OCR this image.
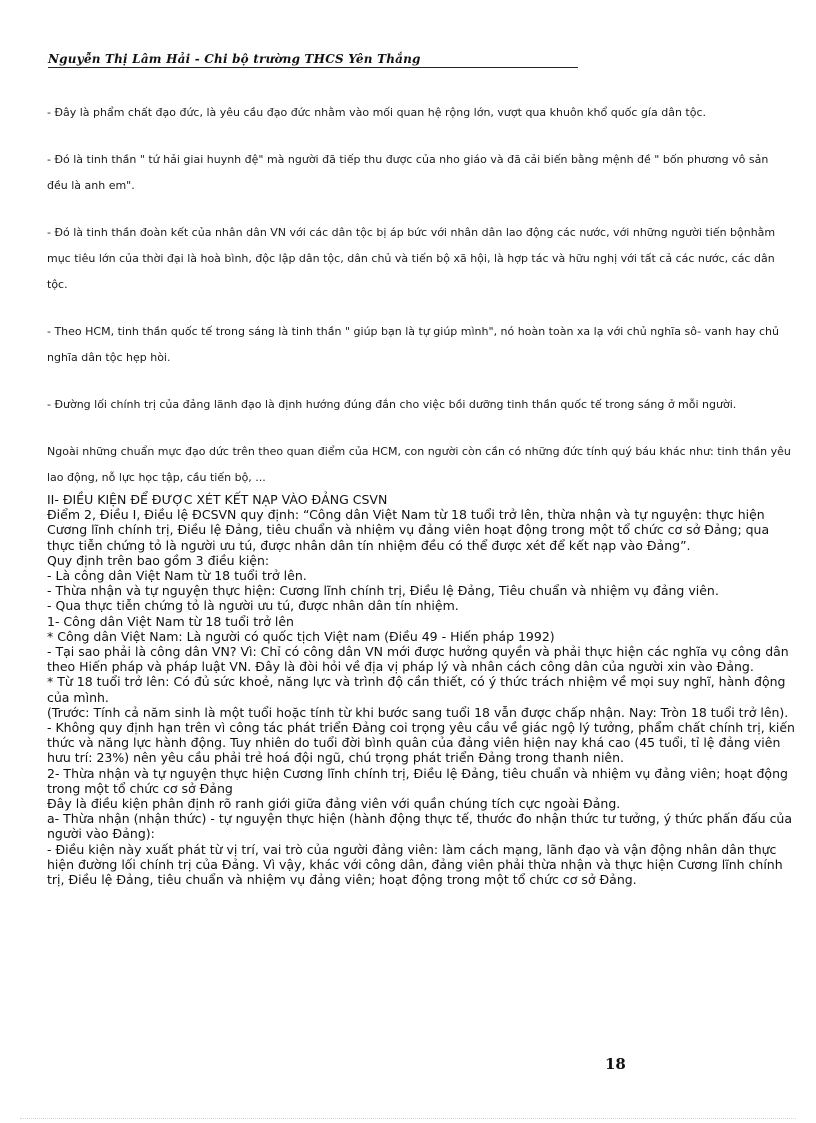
Nguyễn Thị Lâm Hải - Chi bộ trường THCS Yên Thắng

- Đây là phẩm chất đạo đức, là yêu cầu đạo đức nhằm vào mối quan hệ rộng lớn, vượt qua khuôn khổ quốc gía dân tộc.

- Đó là tinh thần " tứ hải giai huynh đệ" mà người đã tiếp thu được của nho giáo và đã cải biến bằng mệnh đề " bốn phương vô sản đều là anh em".

- Đó là tinh thần đoàn kết của nhân dân VN với các dân tộc bị áp bức với nhân dân lao động các nước, với những người tiến bộnhằm mục tiêu lớn của thời đại là hoà bình, độc lập dân tộc, dân chủ và tiến bộ xã hội, là hợp tác và hữu nghị với tất cả các nước, các dân tộc.

- Theo HCM, tinh thần quốc tế trong sáng là tinh thần " giúp bạn là tự giúp mình", nó hoàn toàn xa lạ với chủ nghĩa sô- vanh hay chủ nghĩa dân tộc hẹp hòi.

- Đường lối chính trị của đảng lãnh đạo là định hướng đúng đắn cho việc bồi dưỡng tinh thần quốc tế trong sáng ở mỗi người.

Ngoài những chuẩn mực đạo dức trên theo quan điểm của HCM, con người còn cần có những đức tính quý báu khác như: tinh thần yêu lao động, nỗ lực học tập, cầu tiến bộ, ...

II- ĐIỀU KIỆN ĐỂ ĐƯỢC XÉT KẾT NẠP VÀO ĐẢNG CSVN

Điểm 2, Điều I, Điều lệ ĐCSVN quy định: “Công dân Việt Nam từ 18 tuổi trở lên, thừa nhận và tự nguyện: thực hiện Cương lĩnh chính trị, Điều lệ Đảng, tiêu chuẩn và nhiệm vụ đảng viên hoạt động trong một tổ chức cơ sở Đảng; qua thực tiễn chứng tỏ là người ưu tú, được nhân dân tín nhiệm đều có thể được xét để kết nạp vào Đảng”.

Quy định trên bao gồm 3 điều kiện:

- Là công dân Việt Nam từ 18 tuổi trở lên.

- Thừa nhận và tự nguyện thực hiện: Cương lĩnh chính trị, Điều lệ Đảng, Tiêu chuẩn và nhiệm vụ đảng viên.

- Qua thực tiễn chứng tỏ là người ưu tú, được nhân dân tín nhiệm.

1- Công dân Việt Nam từ 18 tuổi trở lên

* Công dân Việt Nam: Là người có quốc tịch Việt nam (Điều 49 - Hiến pháp 1992)

- Tại sao phải là công dân VN? Vì: Chỉ có công dân VN mới được hưởng quyền và phải thực hiện các nghĩa vụ công dân theo Hiến pháp và pháp luật VN. Đây là đòi hỏi về địa vị pháp lý và nhân cách công dân của người xin vào Đảng.

* Từ 18 tuổi trở lên: Có đủ sức khoẻ, năng lực và trình độ cần thiết, có ý thức trách nhiệm về mọi suy nghĩ, hành động của mình.

(Trước: Tính cả năm sinh là một tuổi hoặc tính từ khi bước sang tuổi 18 vẫn được chấp nhận. Nay: Tròn 18 tuổi trở lên).

- Không quy định hạn trên vì công tác phát triển Đảng coi trọng yêu cầu về giác ngộ lý tưởng, phẩm chất chính trị, kiến thức và năng lực hành động. Tuy nhiên do tuổi đời bình quân của đảng viên hiện nay khá cao (45 tuổi, tỉ lệ đảng viên hưu trí: 23%) nên yêu cầu phải trẻ hoá đội ngũ, chú trọng phát triển Đảng trong thanh niên.

2- Thừa nhận và tự nguyện thực hiện Cương lĩnh chính trị, Điều lệ Đảng, tiêu chuẩn và nhiệm vụ đảng viên; hoạt động trong một tổ chức cơ sở Đảng

Đây là điều kiện phân định rõ ranh giới giữa đảng viên với quần chúng tích cực ngoài Đảng.

a- Thừa nhận (nhận thức) - tự nguyện thực hiện (hành động thực tế, thước đo nhận thức tư tưởng, ý thức phấn đấu của người vào Đảng):

- Điều kiện này xuất phát từ vị trí, vai trò của người đảng viên: làm cách mạng, lãnh đạo và vận động nhân dân thực hiện đường lối chính trị của Đảng. Vì vậy, khác với công dân, đảng viên phải thừa nhận và thực hiện Cương lĩnh chính trị, Điều lệ Đảng, tiêu chuẩn và nhiệm vụ đảng viên; hoạt động trong một tổ chức cơ sở Đảng.

18
